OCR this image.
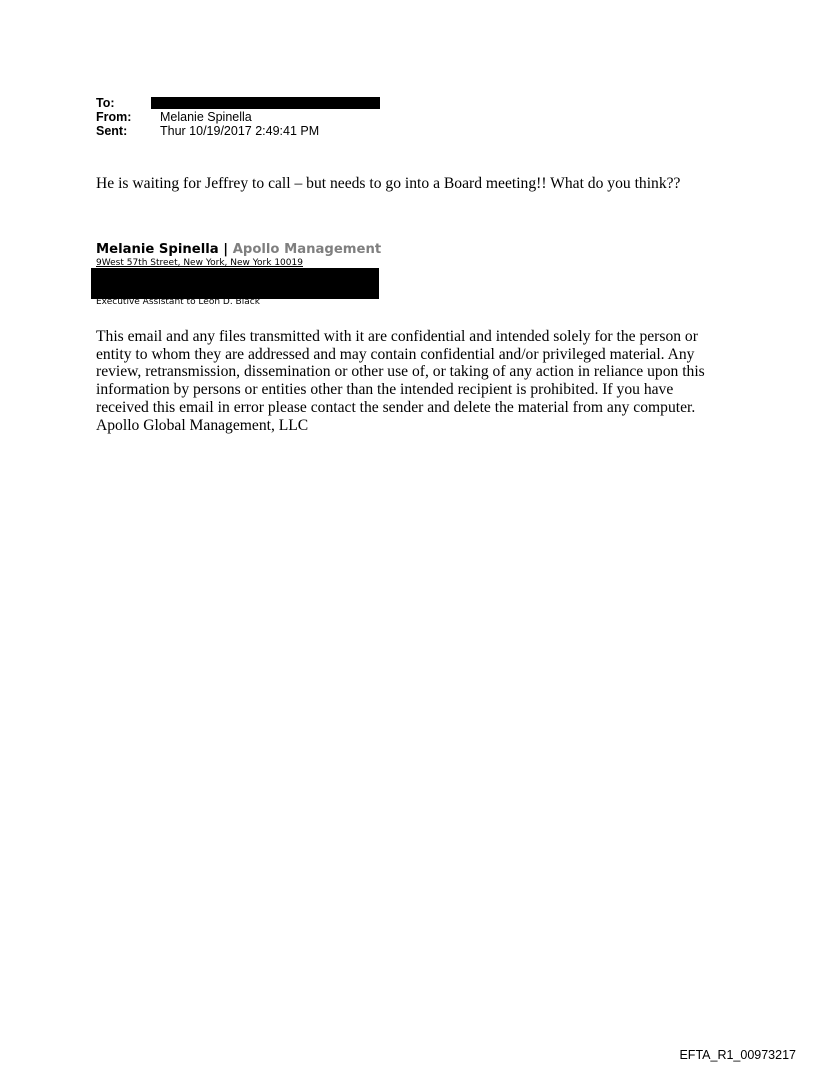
To:
From:	Melanie Spinella
Sent:	Thur 10/19/2017 2:49:41 PM
He is waiting for Jeffrey to call – but needs to go into a Board meeting!! What do you think??
Melanie Spinella | Apollo Management
9West 57th Street, New York, New York 10019
Executive Assistant to Leon D. Black
This email and any files transmitted with it are confidential and intended solely for the person or
entity to whom they are addressed and may contain confidential and/or privileged material. Any
review, retransmission, dissemination or other use of, or taking of any action in reliance upon this
information by persons or entities other than the intended recipient is prohibited. If you have
received this email in error please contact the sender and delete the material from any computer.
Apollo Global Management, LLC
EFTA_R1_00973217
